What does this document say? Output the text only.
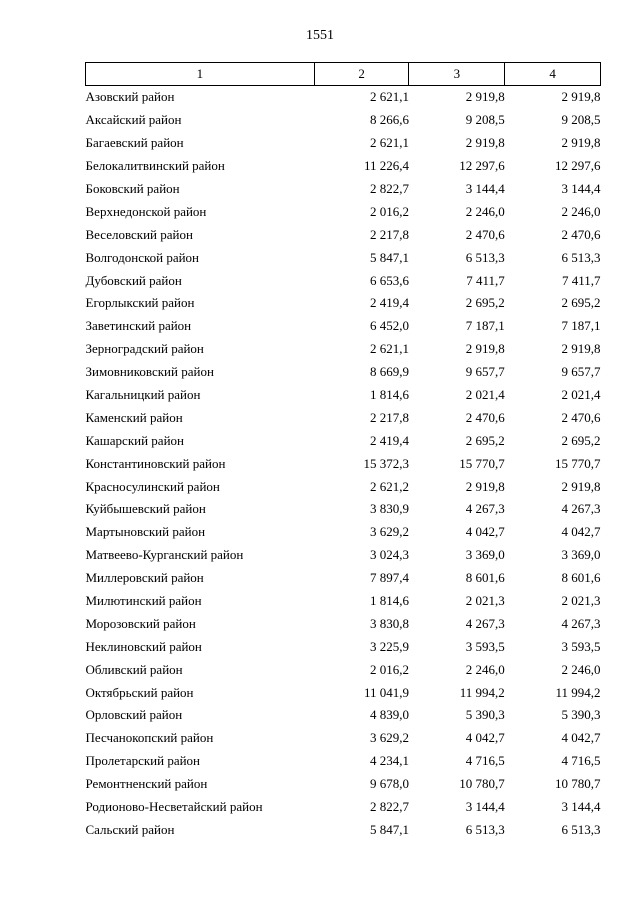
1551
1	2	3	4
Азовский район	2 621,1	2 919,8	2 919,8
Аксайский район	8 266,6	9 208,5	9 208,5
Багаевский район	2 621,1	2 919,8	2 919,8
Белокалитвинский район	11 226,4	12 297,6	12 297,6
Боковский район	2 822,7	3 144,4	3 144,4
Верхнедонской район	2 016,2	2 246,0	2 246,0
Веселовский район	2 217,8	2 470,6	2 470,6
Волгодонской район	5 847,1	6 513,3	6 513,3
Дубовский район	6 653,6	7 411,7	7 411,7
Егорлыкский район	2 419,4	2 695,2	2 695,2
Заветинский район	6 452,0	7 187,1	7 187,1
Зерноградский район	2 621,1	2 919,8	2 919,8
Зимовниковский район	8 669,9	9 657,7	9 657,7
Кагальницкий район	1 814,6	2 021,4	2 021,4
Каменский район	2 217,8	2 470,6	2 470,6
Кашарский район	2 419,4	2 695,2	2 695,2
Константиновский район	15 372,3	15 770,7	15 770,7
Красносулинский район	2 621,2	2 919,8	2 919,8
Куйбышевский район	3 830,9	4 267,3	4 267,3
Мартыновский район	3 629,2	4 042,7	4 042,7
Матвеево-Курганский район	3 024,3	3 369,0	3 369,0
Миллеровский район	7 897,4	8 601,6	8 601,6
Милютинский район	1 814,6	2 021,3	2 021,3
Морозовский район	3 830,8	4 267,3	4 267,3
Неклиновский район	3 225,9	3 593,5	3 593,5
Обливский район	2 016,2	2 246,0	2 246,0
Октябрьский район	11 041,9	11 994,2	11 994,2
Орловский район	4 839,0	5 390,3	5 390,3
Песчанокопский район	3 629,2	4 042,7	4 042,7
Пролетарский район	4 234,1	4 716,5	4 716,5
Ремонтненский район	9 678,0	10 780,7	10 780,7
Родионово-Несветайский район	2 822,7	3 144,4	3 144,4
Сальский район	5 847,1	6 513,3	6 513,3
